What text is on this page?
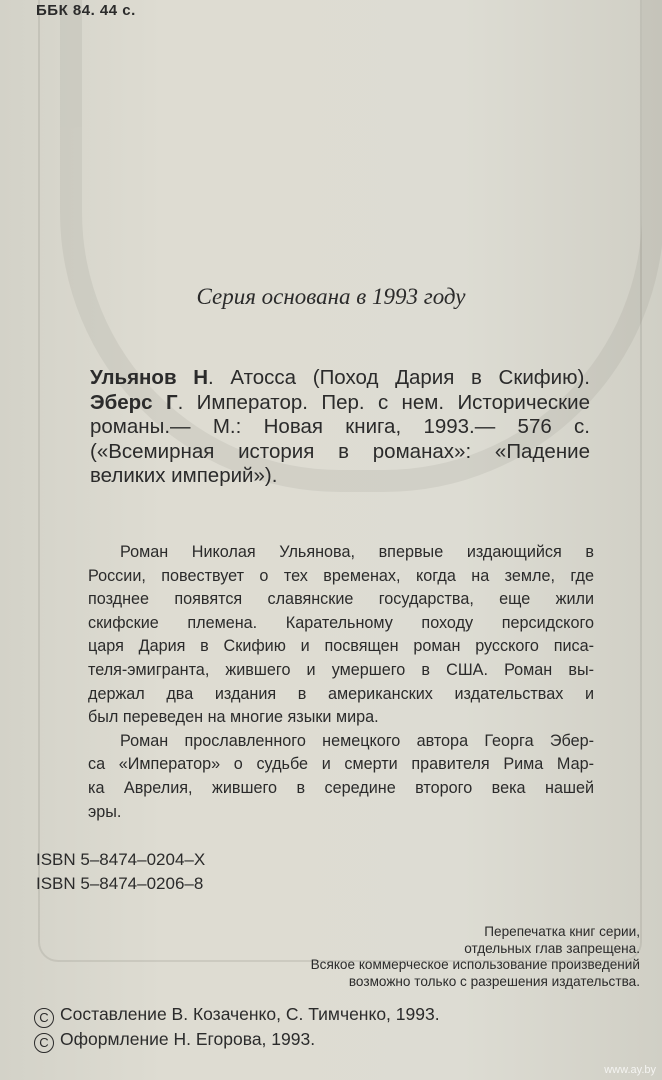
ББК 84. 44 с.
Серия основана в 1993 году
Ульянов Н. Атосса (Поход Дария в Скифию).
Эберс Г. Император. Пер. с нем. Исторические
романы.— М.: Новая книга, 1993.— 576 с.
(«Всемирная история в романах»: «Падение
великих империй»).
Роман Николая Ульянова, впервые издающийся в
России, повествует о тех временах, когда на земле, где
позднее появятся славянские государства, еще жили
скифские племена. Карательному походу персидского
царя Дария в Скифию и посвящен роман русского писа-
теля-эмигранта, жившего и умершего в США. Роман вы-
держал два издания в американских издательствах и
был переведен на многие языки мира.
Роман прославленного немецкого автора Георга Эбер-
са «Император» о судьбе и смерти правителя Рима Мар-
ка Аврелия, жившего в середине второго века нашей
эры.
ISBN 5–8474–0204–X
ISBN 5–8474–0206–8
Перепечатка книг серии,
отдельных глав запрещена.
Всякое коммерческое использование произведений
возможно только с разрешения издательства.
C Составление В. Козаченко, С. Тимченко, 1993.
C Оформление Н. Егорова, 1993.
www.ay.by
